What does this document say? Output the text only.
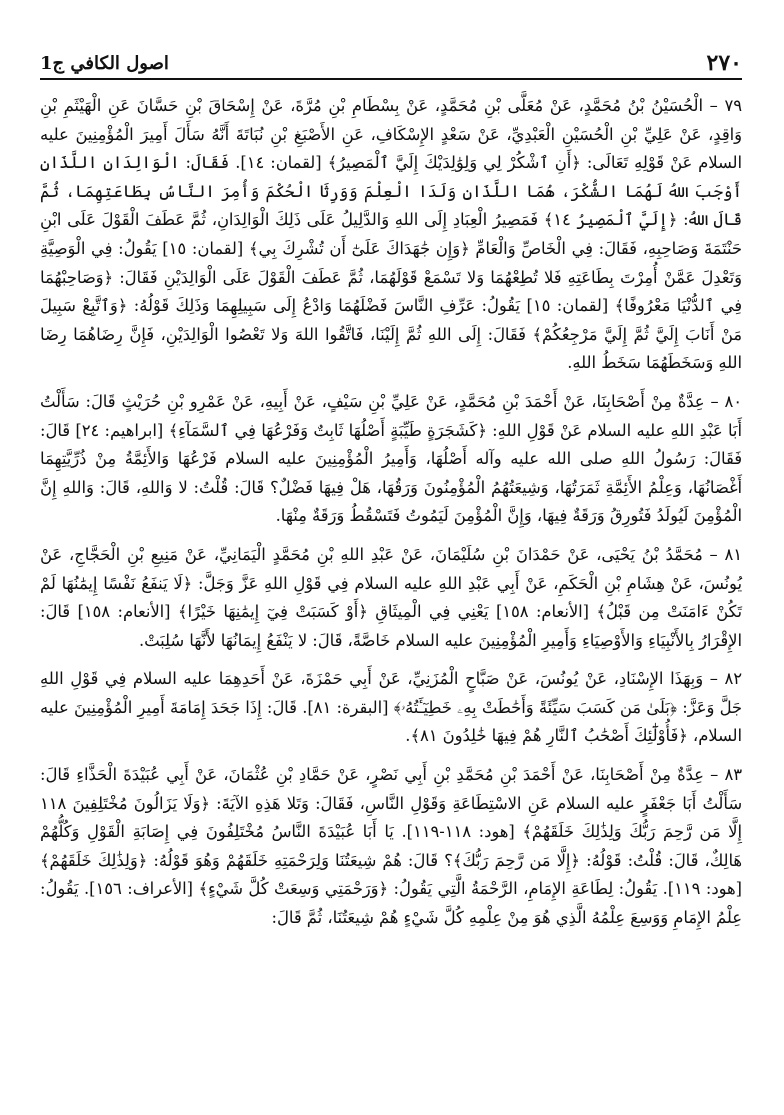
اصول الكافي ج1	٢٧٠

٧٩ – الْحُسَيْنُ بْنُ مُحَمَّدٍ، عَنْ مُعَلَّى بْنِ مُحَمَّدٍ، عَنْ بِسْطَامِ بْنِ مُرَّةَ، عَنْ إِسْحَاقَ بْنِ حَسَّانَ عَنِ الْهَيْثَمِ بْنِ وَاقِدٍ، عَنْ عَلِيِّ بْنِ الْحُسَيْنِ الْعَبْدِيِّ، عَنْ سَعْدٍ الإِسْكَافِ، عَنِ الأَصْبَغِ بْنِ نُبَاتَةَ أَنَّهُ سَأَلَ أَمِيرَ الْمُؤْمِنِينَ عليه السلام عَنْ قَوْلِهِ تَعَالَى: ﴿أَنِ ٱشْكُرْ لِي وَلِوَٰلِدَيْكَ إِلَيَّ ٱلْمَصِيرُ﴾ [لقمان: ١٤]. فَقَالَ: الْوَالِدَانِ اللَّذَانِ أَوْجَبَ اللهُ لَهُمَا الشُّكْرَ، هُمَا اللَّذَانِ وَلَدَا الْعِلْمَ وَوَرِثَا الْحُكْمَ وَأُمِرَ النَّاسُ بِطَاعَتِهِمَا، ثُمَّ قَالَ اللهُ: ﴿إِلَيَّ ٱلْمَصِيرُ ١٤﴾ فَمَصِيرُ الْعِبَادِ إِلَى اللهِ وَالدَّلِيلُ عَلَى ذَلِكَ الْوَالِدَانِ، ثُمَّ عَطَفَ الْقَوْلَ عَلَى ابْنِ حَنْتَمَةَ وَصَاحِبِهِ، فَقَالَ: فِي الْخَاصِّ وَالْعَامِّ ﴿وَإِن جَٰهَدَاكَ عَلَىٰٓ أَن تُشْرِكَ بِي﴾ [لقمان: ١٥] يَقُولُ: فِي الْوَصِيَّةِ وَتَعْدِلَ عَمَّنْ أُمِرْتَ بِطَاعَتِهِ فَلا تُطِعْهُمَا وَلا تَسْمَعْ قَوْلَهُمَا، ثُمَّ عَطَفَ الْقَوْلَ عَلَى الْوَالِدَيْنِ فَقَالَ: ﴿وَصَاحِبْهُمَا فِي ٱلدُّنْيَا مَعْرُوفًا﴾ [لقمان: ١٥] يَقُولُ: عَرِّفِ النَّاسَ فَضْلَهُمَا وَادْعُ إِلَى سَبِيلِهِمَا وَذَلِكَ قَوْلُهُ: ﴿وَٱتَّبِعْ سَبِيلَ مَنْ أَنَابَ إِلَيَّ ثُمَّ إِلَيَّ مَرْجِعُكُمْ﴾ فَقَالَ: إِلَى اللهِ ثُمَّ إِلَيْنَا، فَاتَّقُوا اللهَ وَلا تَعْصُوا الْوَالِدَيْنِ، فَإِنَّ رِضَاهُمَا رِضَا اللهِ وَسَخَطَهُمَا سَخَطُ اللهِ.

٨٠ – عِدَّةٌ مِنْ أَصْحَابِنَا، عَنْ أَحْمَدَ بْنِ مُحَمَّدٍ، عَنْ عَلِيِّ بْنِ سَيْفٍ، عَنْ أَبِيهِ، عَنْ عَمْرِو بْنِ حُرَيْثٍ قَالَ: سَأَلْتُ أَبَا عَبْدِ اللهِ عليه السلام عَنْ قَوْلِ اللهِ: ﴿كَشَجَرَةٍ طَيِّبَةٍ أَصْلُهَا ثَابِتٌ وَفَرْعُهَا فِي ٱلسَّمَآءِ﴾ [ابراهيم: ٢٤] قَالَ: فَقَالَ: رَسُولُ اللهِ صلى الله عليه وآله أَصْلُهَا، وَأَمِيرُ الْمُؤْمِنِينَ عليه السلام فَرْعُهَا وَالأَئِمَّةُ مِنْ ذُرِّيَّتِهِمَا أَغْصَانُهَا، وَعِلْمُ الأَئِمَّةِ ثَمَرَتُهَا، وَشِيعَتُهُمُ الْمُؤْمِنُونَ وَرَقُهَا، هَلْ فِيهَا فَضْلٌ؟ قَالَ: قُلْتُ: لا وَاللهِ، قَالَ: وَاللهِ إِنَّ الْمُؤْمِنَ لَيُولَدُ فَتُورِقُ وَرَقَةٌ فِيهَا، وَإِنَّ الْمُؤْمِنَ لَيَمُوتُ فَتَسْقُطُ وَرَقَةٌ مِنْهَا.

٨١ – مُحَمَّدُ بْنُ يَحْيَى، عَنْ حَمْدَانَ بْنِ سُلَيْمَانَ، عَنْ عَبْدِ اللهِ بْنِ مُحَمَّدٍ الْيَمَانِيِّ، عَنْ مَنِيعِ بْنِ الْحَجَّاجِ، عَنْ يُونُسَ، عَنْ هِشَامِ بْنِ الْحَكَمِ، عَنْ أَبِي عَبْدِ اللهِ عليه السلام فِي قَوْلِ اللهِ عَزَّ وَجَلَّ: ﴿لَا يَنفَعُ نَفْسًا إِيمَٰنُهَا لَمْ تَكُنْ ءَامَنَتْ مِن قَبْلُ﴾ [الأنعام: ١٥٨] يَعْنِي فِي الْمِيثَاقِ ﴿أَوْ كَسَبَتْ فِيٓ إِيمَٰنِهَا خَيْرًا﴾ [الأنعام: ١٥٨] قَالَ: الإِقْرَارُ بِالأَنْبِيَاءِ وَالأَوْصِيَاءِ وَأَمِيرِ الْمُؤْمِنِينَ عليه السلام خَاصَّةً، قَالَ: لا يَنْفَعُ إِيمَانُهَا لأَنَّهَا سُلِبَتْ.

٨٢ – وَبِهَذَا الإِسْنَادِ، عَنْ يُونُسَ، عَنْ صَبَّاحٍ الْمُزَنِيِّ، عَنْ أَبِي حَمْزَةَ، عَنْ أَحَدِهِمَا عليه السلام فِي قَوْلِ اللهِ جَلَّ وَعَزَّ: ﴿بَلَىٰ مَن كَسَبَ سَيِّئَةً وَأَحَٰطَتْ بِهِۦ خَطِيٓـَٔتُهُۥ﴾ [البقرة: ٨١]. قَالَ: إِذَا جَحَدَ إِمَامَةَ أَمِيرِ الْمُؤْمِنِينَ عليه السلام، ﴿فَأُوْلَٰٓئِكَ أَصْحَٰبُ ٱلنَّارِ هُمْ فِيهَا خَٰلِدُونَ ٨١﴾.

٨٣ – عِدَّةٌ مِنْ أَصْحَابِنَا، عَنْ أَحْمَدَ بْنِ مُحَمَّدِ بْنِ أَبِي نَصْرٍ، عَنْ حَمَّادِ بْنِ عُثْمَانَ، عَنْ أَبِي عُبَيْدَةَ الْحَذَّاءِ قَالَ: سَأَلْتُ أَبَا جَعْفَرٍ عليه السلام عَنِ الاسْتِطَاعَةِ وَقَوْلِ النَّاسِ، فَقَالَ: وَتَلا هَذِهِ الآيَةَ: ﴿وَلَا يَزَالُونَ مُخْتَلِفِينَ ١١٨ إِلَّا مَن رَّحِمَ رَبُّكَ وَلِذَٰلِكَ خَلَقَهُمْ﴾ [هود: ١١٨-١١٩]. يَا أَبَا عُبَيْدَةَ النَّاسُ مُخْتَلِفُونَ فِي إِصَابَةِ الْقَوْلِ وَكُلُّهُمْ هَالِكٌ، قَالَ: قُلْتُ: قَوْلُهُ: ﴿إِلَّا مَن رَّحِمَ رَبُّكَ﴾؟ قَالَ: هُمْ شِيعَتُنَا وَلِرَحْمَتِهِ خَلَقَهُمْ وَهُوَ قَوْلُهُ: ﴿وَلِذَٰلِكَ خَلَقَهُمْ﴾ [هود: ١١٩]. يَقُولُ: لِطَاعَةِ الإِمَامِ، الرَّحْمَةُ الَّتِي يَقُولُ: ﴿وَرَحْمَتِي وَسِعَتْ كُلَّ شَيْءٍ﴾ [الأعراف: ١٥٦]. يَقُولُ: عِلْمُ الإِمَامِ وَوَسِعَ عِلْمُهُ الَّذِي هُوَ مِنْ عِلْمِهِ كُلَّ شَيْءٍ هُمْ شِيعَتُنَا، ثُمَّ قَالَ:
